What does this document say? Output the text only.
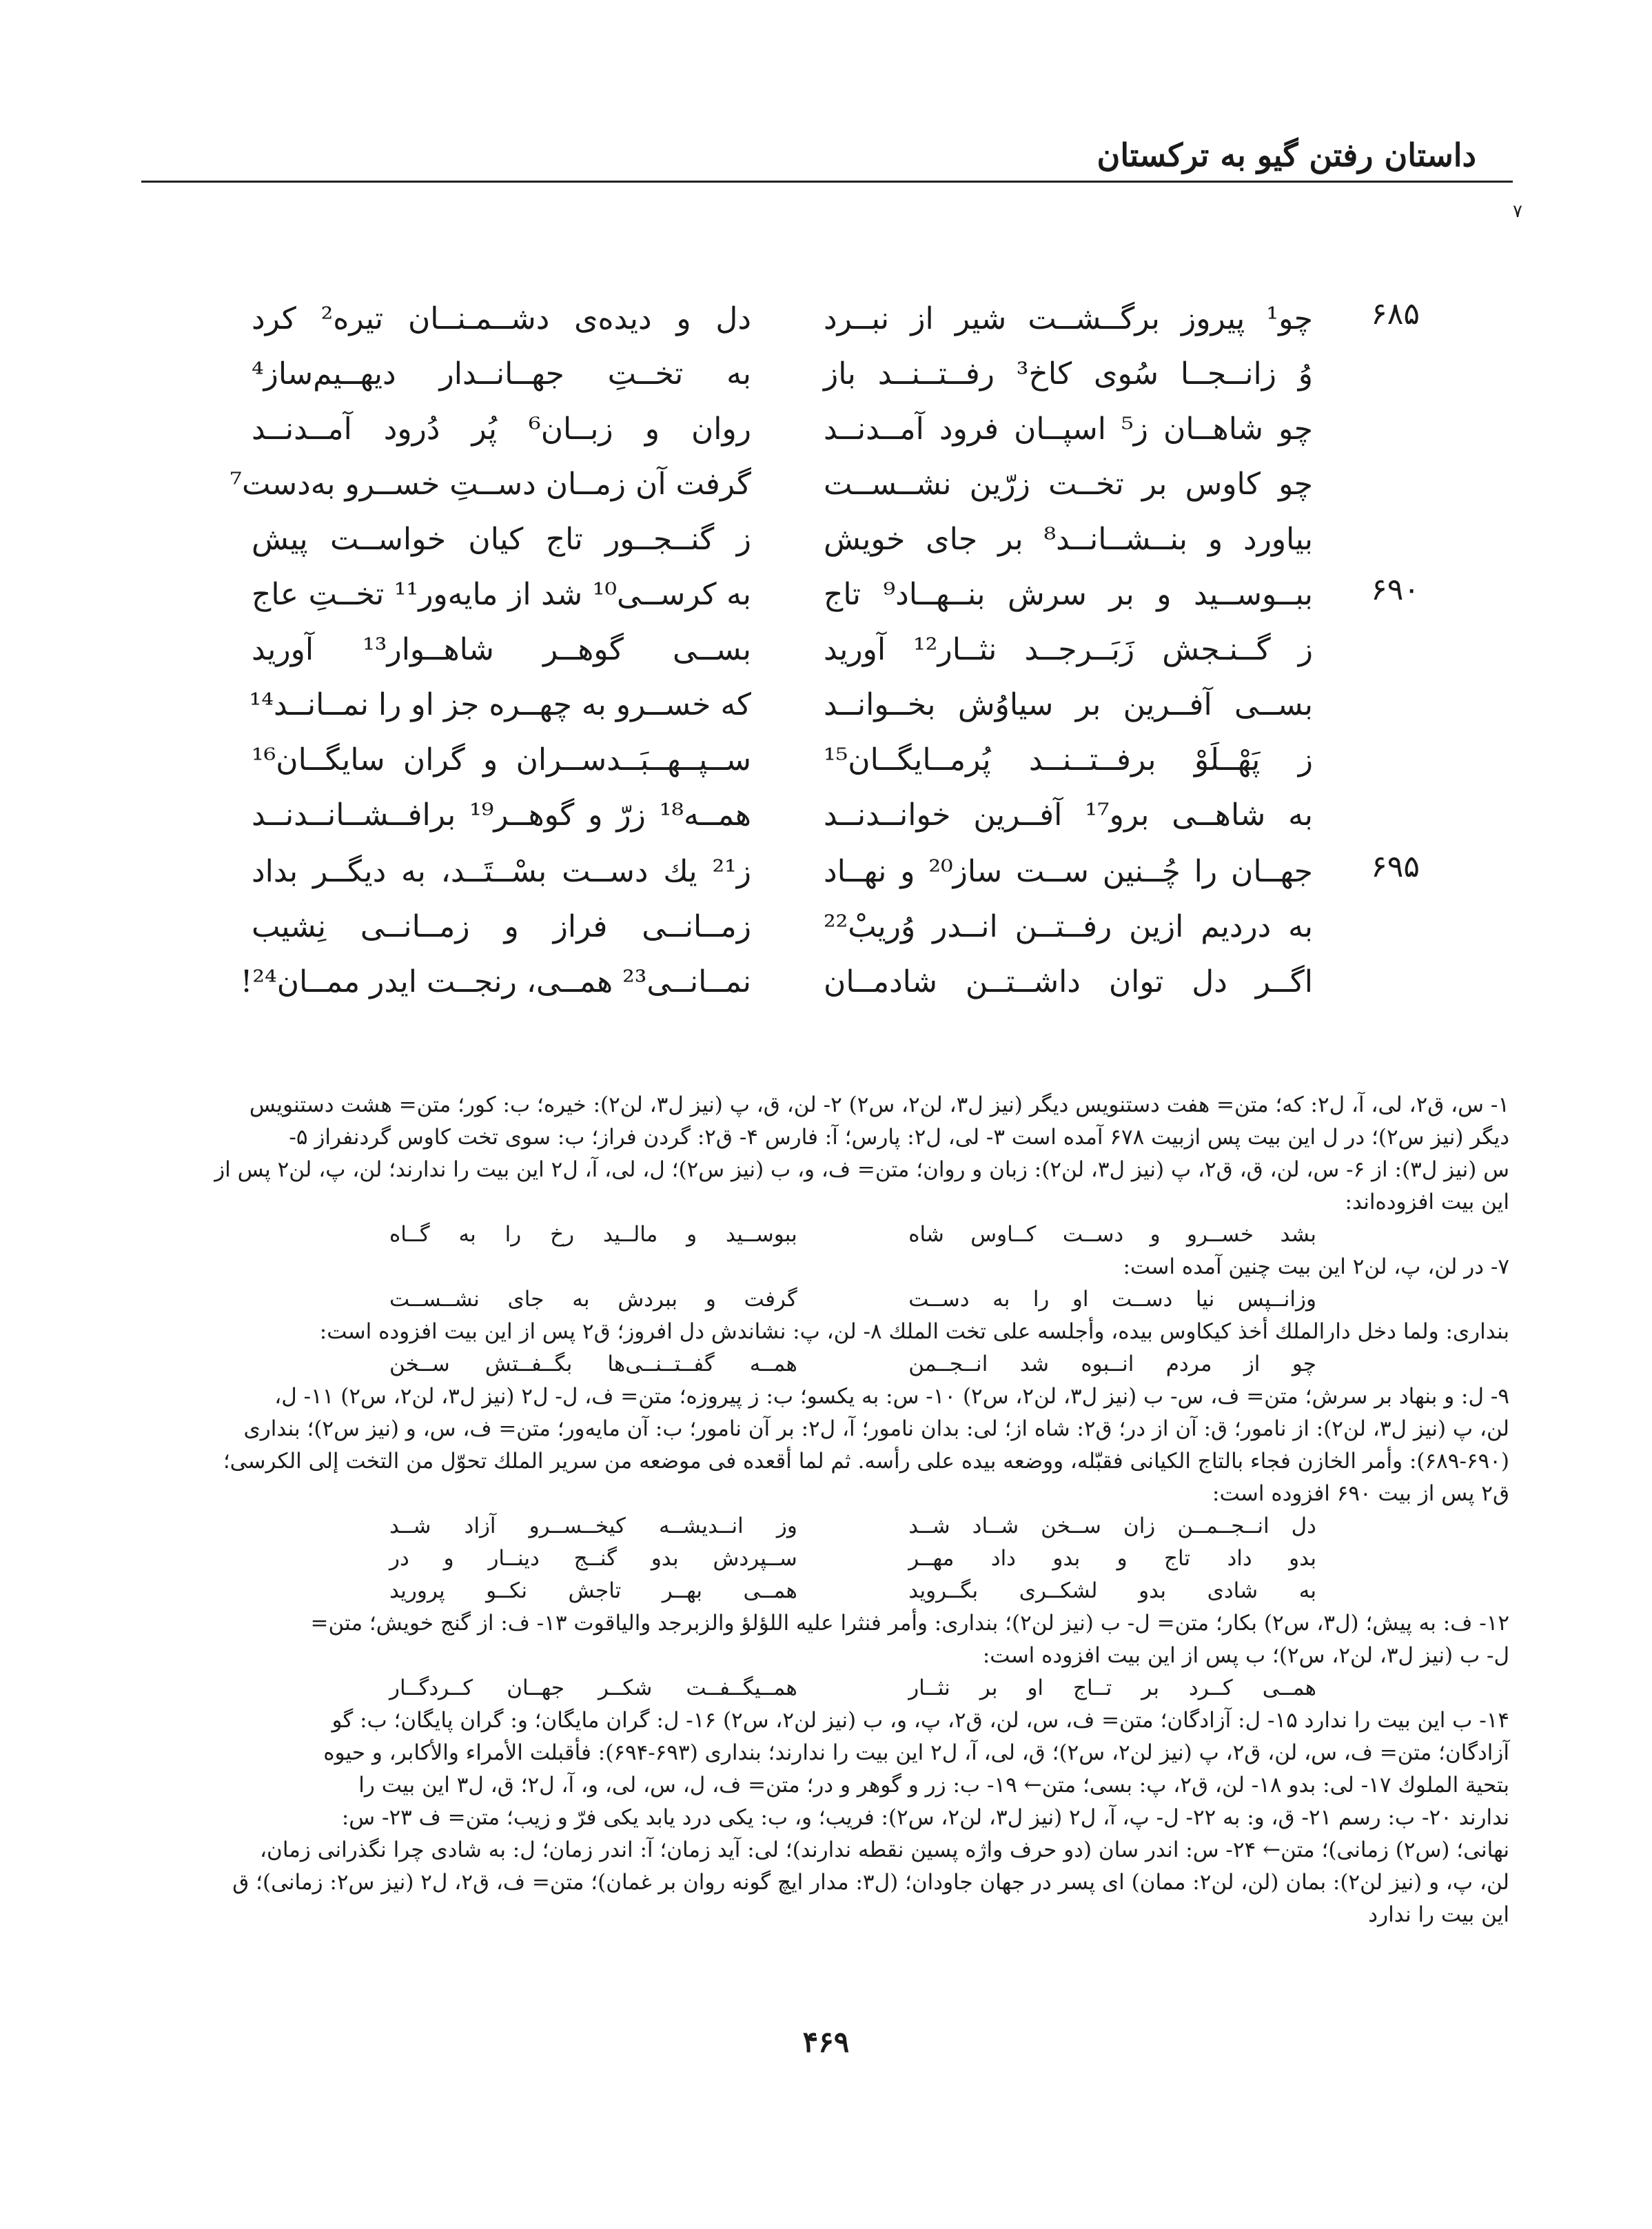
داستان رفتن گیو به ترکستان
٧
۶۸۵
۶۹۰
۶۹۵
چو¹ پیروز برگــشــت شیر از نبــرد
دل و دیده‌ی دشــمـنــان تیره² کرد
وُ زانــجــا سُوی کاخ³ رفــتــنــد باز
به تخــتِ جهــانــدار دیهــیم‌ساز⁴
چو شاهــان ز⁵ اسپــان فرود آمــدنــد
روان و زبــان⁶ پُر دُرود آمــدنــد
چو کاوس بر تخــت زرّین نشــســت
گرفت آن زمــان دســتِ خســرو به‌دست⁷
بیاورد و بنــشــانــد⁸ بر جای خویش
ز گنــجــور تاج کیان خواســت پیش
ببــوســید و بر سرش بنــهــاد⁹ تاج
به کرســی¹⁰ شد از مایه‌ور¹¹ تخــتِ عاج
ز گــنـجش زَبَــرجــد نثــار¹² آورید
بســی گوهــر شاهــوار¹³ آورید
بســی آفــرین بر سیاوُش بخــوانــد
که خســرو به چهــره جز او را نمــانــد¹⁴
ز پَهْــلَوْ برفــتــنــد پُرمــایگــان¹⁵
ســپــهــبَــدســران و گران سایگــان¹⁶
به شاهــی برو¹⁷ آفــرین خوانــدنــد
همــه¹⁸ زرّ و گوهــر¹⁹ برافــشــانــدنــد
جهــان را چُــنین ســت ساز²⁰ و نهــاد
ز²¹ یك دســت بسْــتَــد، به دیگــر بداد
به دردیم ازین رفــتــن انــدر وُریبْ²²
زمــانــی فراز و زمــانــی نِشیب
اگــر دل توان داشــتــن شادمــان
نمــانــی²³ همــی، رنجــت ایدر ممــان²⁴!
۱- س، ق۲، لی، آ، ل۲: که؛ متن= هفت دستنویس دیگر (نیز ل۳، لن۲، س۲) ۲- لن، ق، پ (نیز ل۳، لن۲): خیره؛ ب: کور؛ متن= هشت دستنویس
دیگر (نیز س۲)؛ در ل این بیت پس ازبیت ۶۷۸ آمده است ۳- لی، ل۲: پارس؛ آ: فارس ۴- ق۲: گردن فراز؛ ب: سوی تخت کاوس گردنفراز ۵-
س (نیز ل۳): از ۶- س، لن، ق، ق۲، پ (نیز ل۳، لن۲): زبان و روان؛ متن= ف، و، ب (نیز س۲)؛ ل، لی، آ، ل۲ این بیت را ندارند؛ لن، پ، لن۲ پس از
این بیت افزوده‌اند:
بشد خســرو و دســت کــاوس شاه
ببوســید و مالــید رخ را به گــاه
۷- در لن، پ، لن۲ این بیت چنین آمده است:
وزانــپس نیا دســت او را به دســت
گرفت و ببردش به جای نشــســت
بنداری: ولما دخل دارالملك أخذ کیکاوس بیده، وأجلسه علی تخت الملك ۸- لن، پ: نشاندش دل افروز؛ ق۲ پس از این بیت افزوده است:
چو از مردم انــبوه شد انــجــمن
همــه گفــتــنــی‌ها بگــفــتش ســخن
۹- ل: و بنهاد بر سرش؛ متن= ف، س- ب (نیز ل۳، لن۲، س۲) ۱۰- س: به یکسو؛ ب: ز پیروزه؛ متن= ف، ل- ل۲ (نیز ل۳، لن۲، س۲) ۱۱- ل،
لن، پ (نیز ل۳، لن۲): از نامور؛ ق: آن از در؛ ق۲: شاه از؛ لی: بدان نامور؛ آ، ل۲: بر آن نامور؛ ب: آن مایه‌ور؛ متن= ف، س، و (نیز س۲)؛ بنداری
(۶۸۹-۶۹۰): وأمر الخازن فجاء بالتاج الکیانی فقبّله، ووضعه بیده علی رأسه. ثم لما أقعده فی موضعه من سریر الملك تحوّل من التخت إلی الکرسی؛
ق۲ پس از بیت ۶۹۰ افزوده است:
دل انــجــمــن زان ســخن شــاد شــد
وز انــدیشــه کیخــســرو آزاد شــد
بدو داد تاج و بدو داد مهــر
ســپردش بدو گنــج دینــار و در
به شادی بدو لشکــری بگــروید
همــی بهــر تاجش نکــو پرورید
۱۲- ف: به پیش؛ (ل۳، س۲) بکار؛ متن= ل- ب (نیز لن۲)؛ بنداری: وأمر فنثرا علیه اللؤلؤ والزبرجد والیاقوت ۱۳- ف: از گنج خویش؛ متن=
ل- ب (نیز ل۳، لن۲، س۲)؛ ب پس از این بیت افزوده است:
همــی کــرد بر تــاج او بر نثــار
همــیگــفــت شکــر جهــان کــردگــار
۱۴- ب این بیت را ندارد ۱۵- ل: آزادگان؛ متن= ف، س، لن، ق۲، پ، و، ب (نیز لن۲، س۲) ۱۶- ل: گران مایگان؛ و: گران پایگان؛ ب: گو
آزادگان؛ متن= ف، س، لن، ق۲، پ (نیز لن۲، س۲)؛ ق، لی، آ، ل۲ این بیت را ندارند؛ بنداری (۶۹۳-۶۹۴): فأقبلت الأمراء والأکابر، و حیوه
بتحیة الملوك ۱۷- لی: بدو ۱۸- لن، ق۲، پ: بسی؛ متن← ۱۹- ب: زر و گوهر و در؛ متن= ف، ل، س، لی، و، آ، ل۲؛ ق، ل۳ این بیت را
ندارند ۲۰- ب: رسم ۲۱- ق، و: به ۲۲- ل- پ، آ، ل۲ (نیز ل۳، لن۲، س۲): فریب؛ و، ب: یکی درد یابد یکی فرّ و زیب؛ متن= ف ۲۳- س:
نهانی؛ (س۲) زمانی)؛ متن← ۲۴- س: اندر سان (دو حرف واژه پسین نقطه ندارند)؛ لی: آید زمان؛ آ: اندر زمان؛ ل: به شادی چرا نگذرانی زمان،
لن، پ، و (نیز لن۲): بمان (لن، لن۲: ممان) ای پسر در جهان جاودان؛ (ل۳: مدار ایچ گونه روان بر غمان)؛ متن= ف، ق۲، ل۲ (نیز س۲: زمانی)؛ ق
این بیت را ندارد
۴۶۹
